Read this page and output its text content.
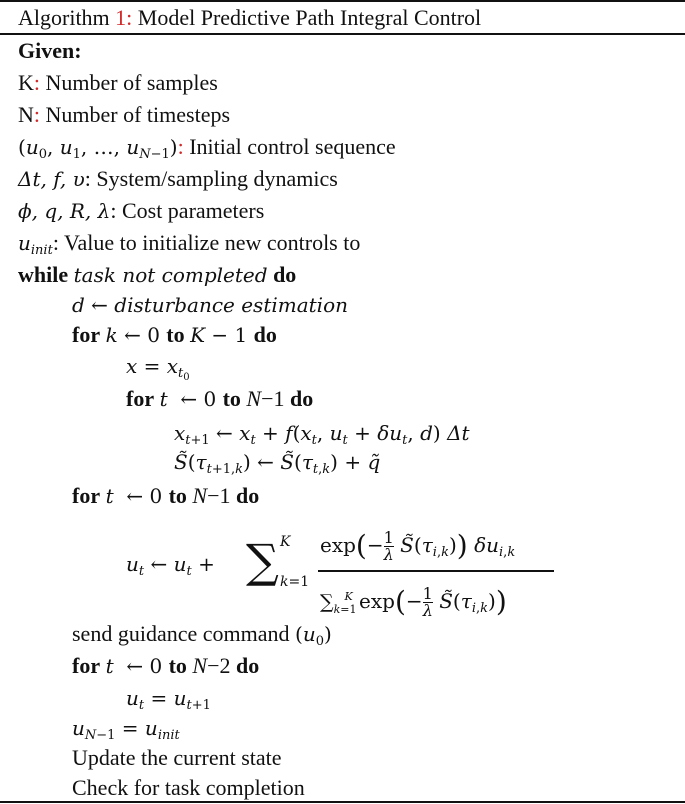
Algorithm 1: Model Predictive Path Integral Control
Given:
K: Number of samples
N: Number of timesteps
($u_0$, $u_1$, …, $u_{N-1}$): Initial control sequence
Δt, f, υ: System/sampling dynamics
ϕ, q, R, λ: Cost parameters
$u_{init}$: Value to initialize new controls to
while task not completed do
d ← disturbance estimation
for k ← 0 to K − 1 do
$x = x_{t_0}$
for t  ← 0 to N−1 do
$x_{t+1}$ ← $x_t + f(x_t$, $u_t + \delta u_t$, d) Δt
$S̃(\tau_{t+1,k})$ ← $S̃(\tau_{t,k})$ + q̃
for t  ← 0 to N−1 do
$u_t$ ← $u_t$ + ∑ K
k=1
$\exp(- \frac{1}{\lambda}$ $S̃(\tau_{i,k})$) $\delta u_{i,k}$
$\sum_{k=1}^K$ $\exp(- \frac{1}{\lambda}$ $S̃(\tau_{i,k})$)
send guidance command $(u_0)$
for t  ← 0 to N−2 do
$u_t = u_{t+1}$
$u_{N-1} = u_{init}$
Update the current state
Check for task completion
